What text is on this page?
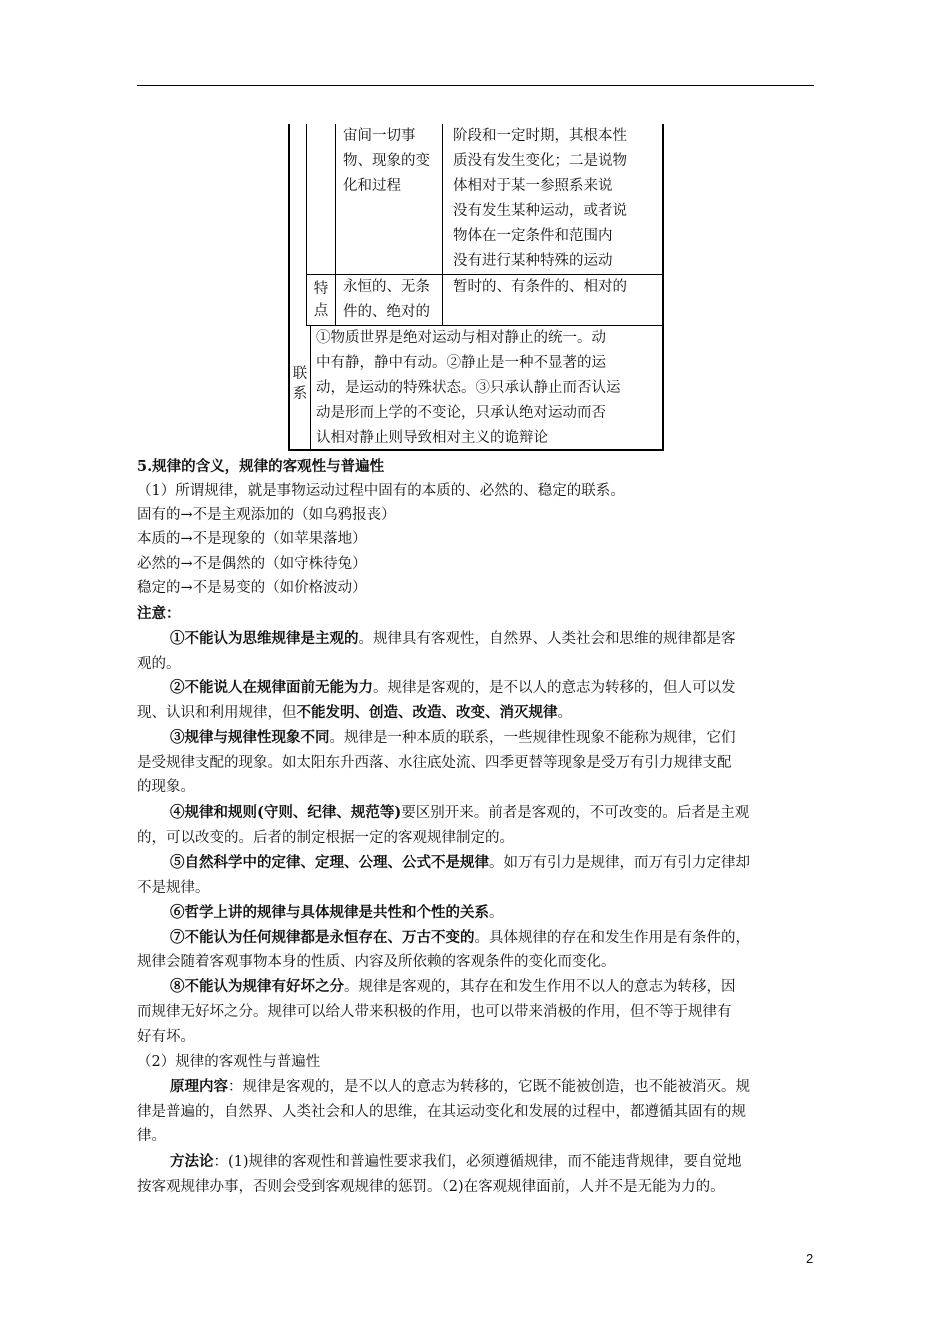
宙间一切事
物、现象的变
化和过程
阶段和一定时期，其根本性
质没有发生变化；二是说物
体相对于某一参照系来说
没有发生某种运动，或者说
物体在一定条件和范围内
没有进行某种特殊的运动
特
点
永恒的、无条
件的、绝对的
暂时的、有条件的、相对的
联
系
①物质世界是绝对运动与相对静止的统一。动
中有静，静中有动。②静止是一种不显著的运
动，是运动的特殊状态。③只承认静止而否认运
动是形而上学的不变论，只承认绝对运动而否
认相对静止则导致相对主义的诡辩论
5.规律的含义，规律的客观性与普遍性
（1）所谓规律，就是事物运动过程中固有的本质的、必然的、稳定的联系。
固有的→不是主观添加的（如乌鸦报丧）
本质的→不是现象的（如苹果落地）
必然的→不是偶然的（如守株待兔）
稳定的→不是易变的（如价格波动）
注意：
①不能认为思维规律是主观的。规律具有客观性，自然界、人类社会和思维的规律都是客
观的。
②不能说人在规律面前无能为力。规律是客观的，是不以人的意志为转移的，但人可以发
现、认识和利用规律，但不能发明、创造、改造、改变、消灭规律。
③规律与规律性现象不同。规律是一种本质的联系，一些规律性现象不能称为规律，它们
是受规律支配的现象。如太阳东升西落、水往底处流、四季更替等现象是受万有引力规律支配
的现象。
④规律和规则(守则、纪律、规范等)要区别开来。前者是客观的，不可改变的。后者是主观
的，可以改变的。后者的制定根据一定的客观规律制定的。
⑤自然科学中的定律、定理、公理、公式不是规律。如万有引力是规律，而万有引力定律却
不是规律。
⑥哲学上讲的规律与具体规律是共性和个性的关系。
⑦不能认为任何规律都是永恒存在、万古不变的。具体规律的存在和发生作用是有条件的，
规律会随着客观事物本身的性质、内容及所依赖的客观条件的变化而变化。
⑧不能认为规律有好坏之分。规律是客观的，其存在和发生作用不以人的意志为转移，因
而规律无好坏之分。规律可以给人带来积极的作用，也可以带来消极的作用，但不等于规律有
好有坏。
（2）规律的客观性与普遍性
原理内容：规律是客观的，是不以人的意志为转移的，它既不能被创造，也不能被消灭。规
律是普遍的，自然界、人类社会和人的思维，在其运动变化和发展的过程中，都遵循其固有的规
律。
方法论：(1)规律的客观性和普遍性要求我们，必须遵循规律，而不能违背规律，要自觉地
按客观规律办事，否则会受到客观规律的惩罚。（2)在客观规律面前，人并不是无能为力的。
2
